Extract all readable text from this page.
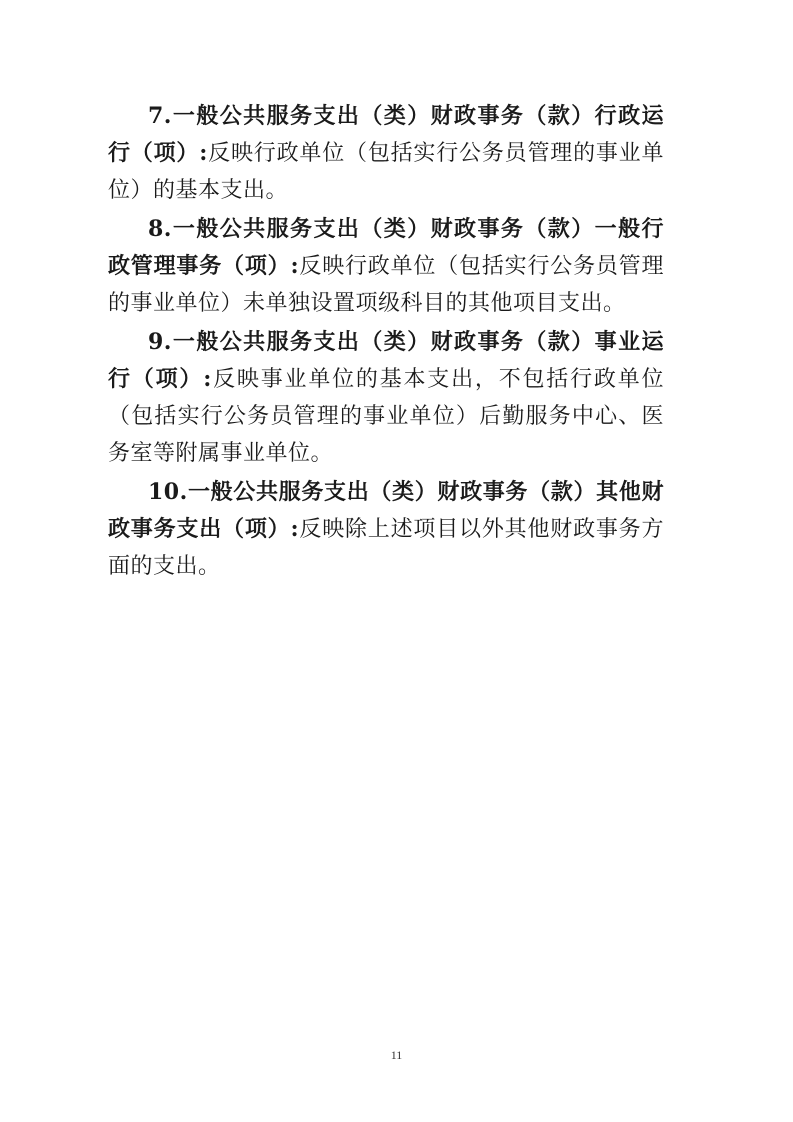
7.一般公共服务支出（类）财政事务（款）行政运行（项）:反映行政单位（包括实行公务员管理的事业单位）的基本支出。

8.一般公共服务支出（类）财政事务（款）一般行政管理事务（项）:反映行政单位（包括实行公务员管理的事业单位）未单独设置项级科目的其他项目支出。

9.一般公共服务支出（类）财政事务（款）事业运行（项）:反映事业单位的基本支出，不包括行政单位（包括实行公务员管理的事业单位）后勤服务中心、医务室等附属事业单位。

10.一般公共服务支出（类）财政事务（款）其他财政事务支出（项）:反映除上述项目以外其他财政事务方面的支出。

11
